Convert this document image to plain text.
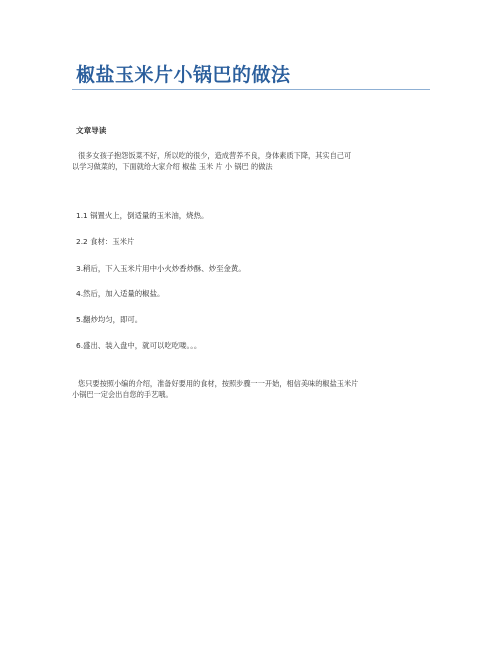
椒盐玉米片小锅巴的做法
文章导读
很多女孩子抱怨饭菜不好，所以吃的很少，造成营养不良，身体素质下降，其实自己可
以学习做菜的，下面就给大家介绍 椒盐 玉米 片 小 锅巴 的做法
1.1 锅置火上，倒适量的玉米油，烧热。
2.2 食材：玉米片
3.稍后，下入玉米片用中小火炒香炒酥、炒至金黄。
4.然后，加入适量的椒盐。
5.翻炒均匀，即可。
6.盛出、装入盘中，就可以吃吃喽。。。
您只要按照小编的介绍，准备好要用的食材，按照步骤一一开始，相信美味的椒盐玉米片
小锅巴一定会出自您的手艺哦。
